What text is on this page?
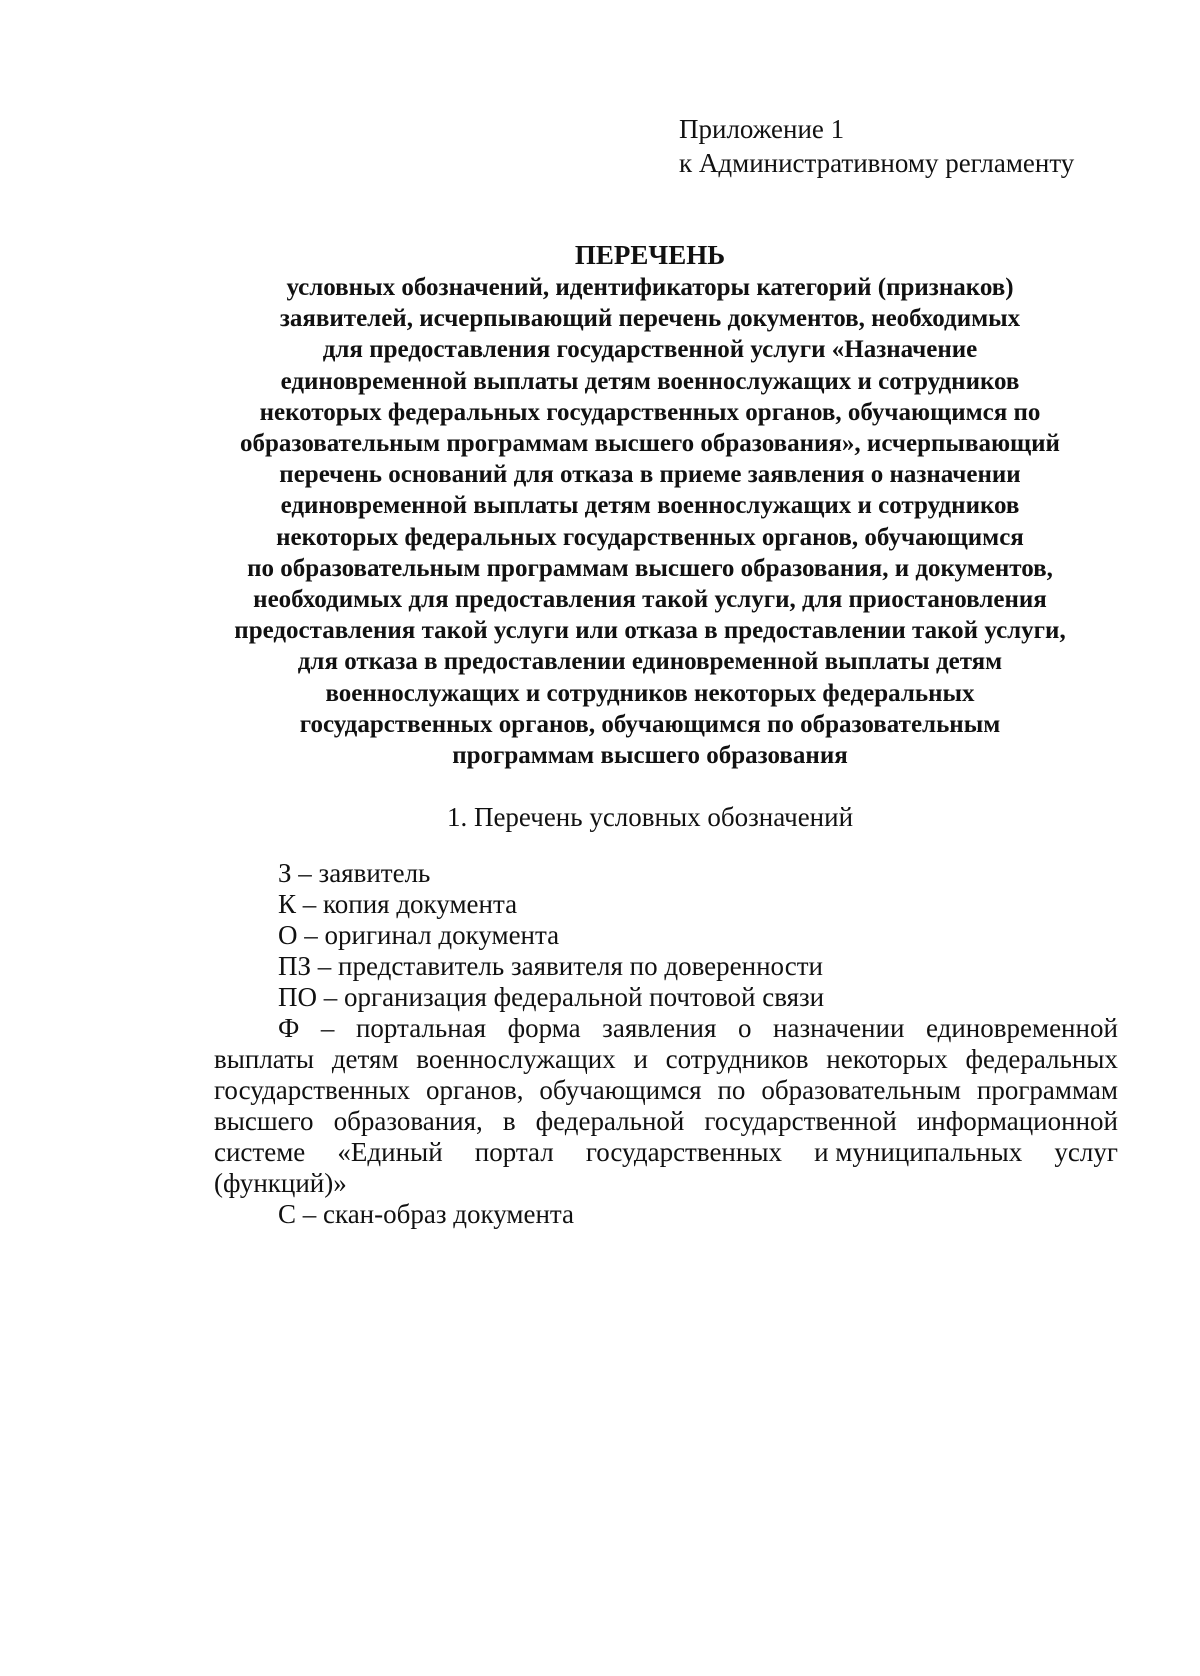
Приложение 1
к Административному регламенту
ПЕРЕЧЕНЬ
условных обозначений, идентификаторы категорий (признаков)
заявителей, исчерпывающий перечень документов, необходимых
для предоставления государственной услуги «Назначение
единовременной выплаты детям военнослужащих и сотрудников
некоторых федеральных государственных органов, обучающимся по
образовательным программам высшего образования», исчерпывающий
перечень оснований для отказа в приеме заявления о назначении
единовременной выплаты детям военнослужащих и сотрудников
некоторых федеральных государственных органов, обучающимся
по образовательным программам высшего образования, и документов,
необходимых для предоставления такой услуги, для приостановления
предоставления такой услуги или отказа в предоставлении такой услуги,
для отказа в предоставлении единовременной выплаты детям
военнослужащих и сотрудников некоторых федеральных
государственных органов, обучающимся по образовательным
программам высшего образования
1. Перечень условных обозначений
З – заявитель
К – копия документа
О – оригинал документа
ПЗ – представитель заявителя по доверенности
ПО – организация федеральной почтовой связи
Ф – портальная форма заявления о назначении единовременной
выплаты детям военнослужащих и сотрудников некоторых федеральных
государственных органов, обучающимся по образовательным программам
высшего образования, в федеральной государственной информационной
системе «Единый портал государственных и муниципальных услуг
(функций)»
С – скан-образ документа
